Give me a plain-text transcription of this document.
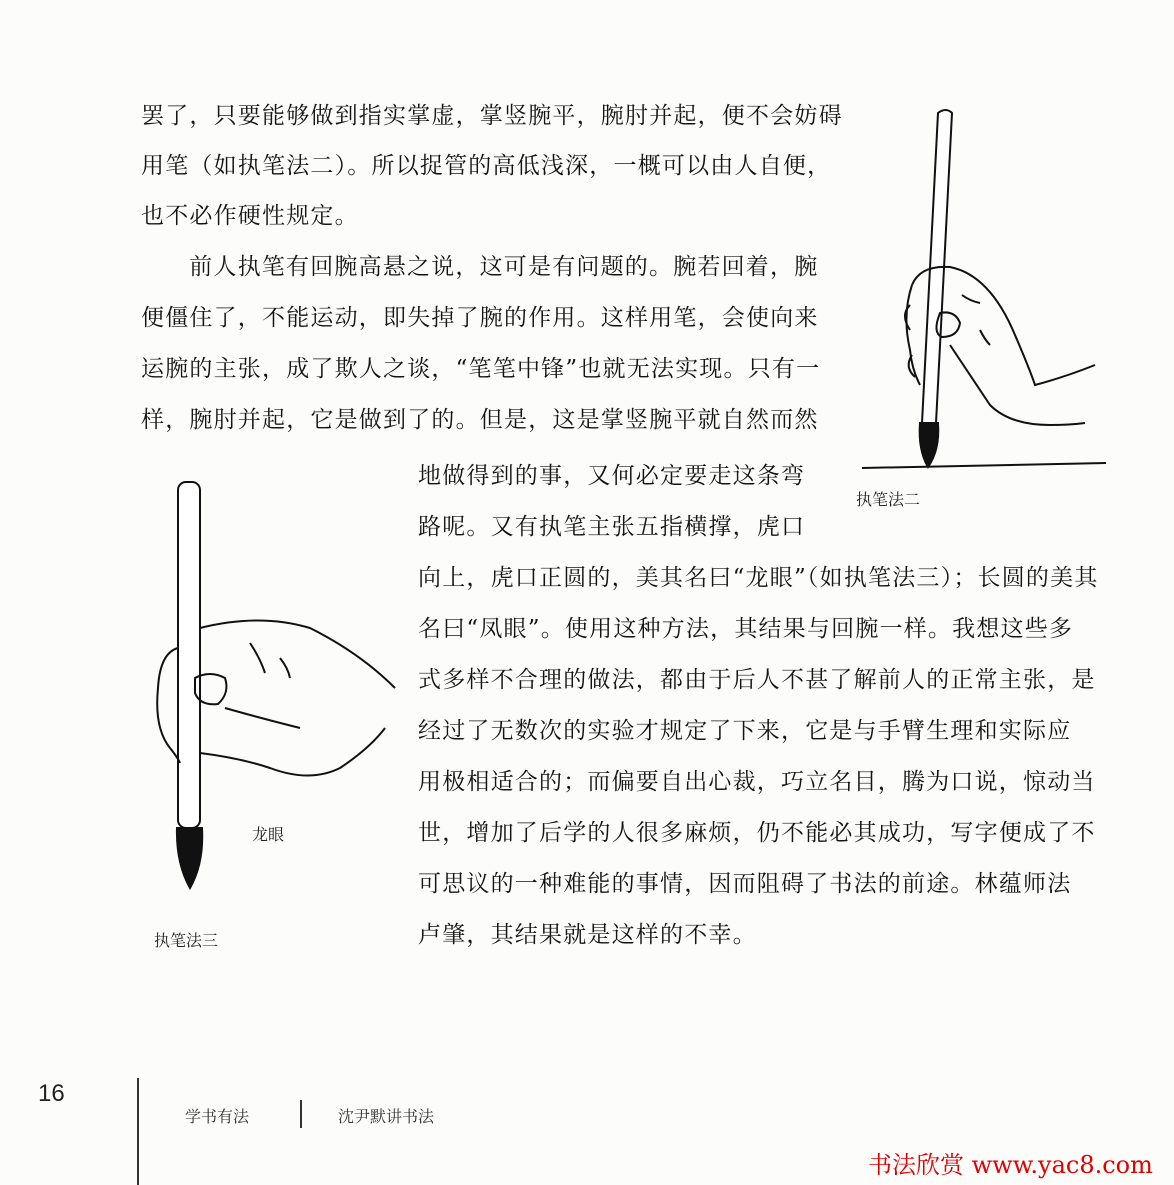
罢了，只要能够做到指实掌虚，掌竖腕平，腕肘并起，便不会妨碍
用笔（如执笔法二）。所以捉管的高低浅深，一概可以由人自便，
也不必作硬性规定。
　前人执笔有回腕高悬之说，这可是有问题的。腕若回着，腕
便僵住了，不能运动，即失掉了腕的作用。这样用笔，会使向来
运腕的主张，成了欺人之谈，“笔笔中锋”也就无法实现。只有一
样，腕肘并起，它是做到了的。但是，这是掌竖腕平就自然而然
地做得到的事，又何必定要走这条弯
路呢。又有执笔主张五指横撑，虎口
向上，虎口正圆的，美其名曰“龙眼”（如执笔法三）；长圆的美其
名曰“凤眼”。使用这种方法，其结果与回腕一样。我想这些多
式多样不合理的做法，都由于后人不甚了解前人的正常主张，是
经过了无数次的实验才规定了下来，它是与手臂生理和实际应
用极相适合的；而偏要自出心裁，巧立名目，腾为口说，惊动当
世，增加了后学的人很多麻烦，仍不能必其成功，写字便成了不
可思议的一种难能的事情，因而阻碍了书法的前途。林蕴师法
卢肇，其结果就是这样的不幸。
执笔法二
龙眼
执笔法三
16
学书有法	沈尹默讲书法
书法欣赏 www.yac8.com
